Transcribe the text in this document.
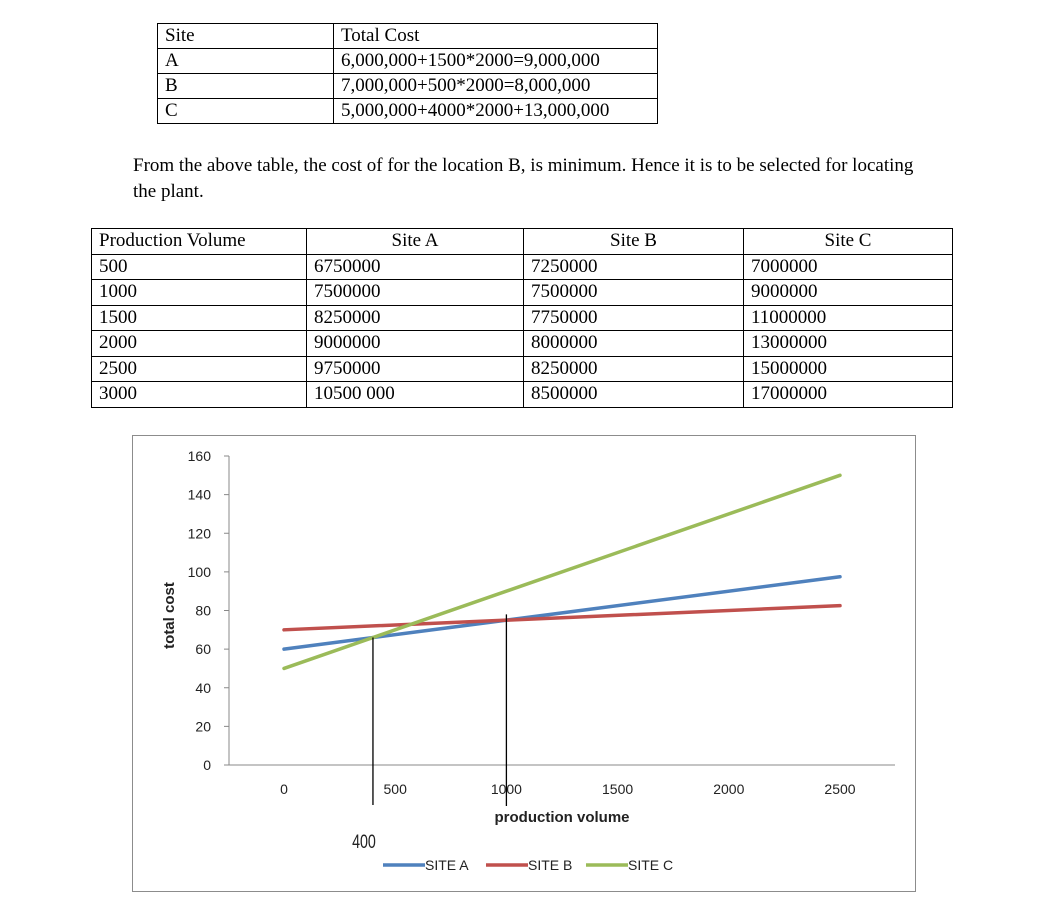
Site	Total Cost
A	6,000,000+1500*2000=9,000,000
B	7,000,000+500*2000=8,000,000
C	5,000,000+4000*2000+13,000,000

From the above table, the cost of for the location B, is minimum. Hence it is to be selected for locating the plant.

Production Volume	Site A	Site B	Site C
500	6750000	7250000	7000000
1000	7500000	7500000	9000000
1500	8250000	7750000	11000000
2000	9000000	8000000	13000000
2500	9750000	8250000	15000000
3000	10500 000	8500000	17000000
0
20
40
60
80
100
120
140
160
0	500	1000	1500	2000	2500
total cost
production volume
400
SITE A	SITE B	SITE C
